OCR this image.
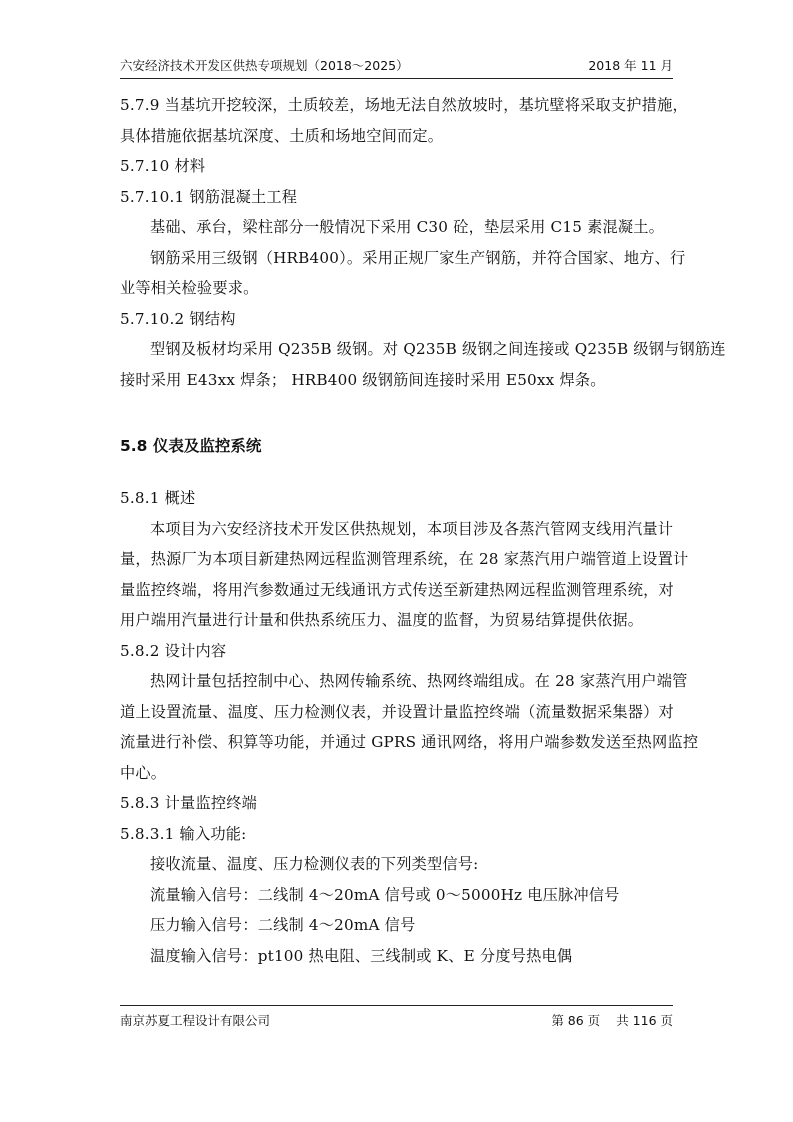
六安经济技术开发区供热专项规划（2018～2025）	2018 年 11 月
5.7.9 当基坑开挖较深，土质较差，场地无法自然放坡时，基坑壁将采取支护措施，
具体措施依据基坑深度、土质和场地空间而定。
5.7.10 材料
5.7.10.1 钢筋混凝土工程
基础、承台，梁柱部分一般情况下采用 C30 砼，垫层采用 C15 素混凝土。
钢筋采用三级钢（HRB400）。采用正规厂家生产钢筋，并符合国家、地方、行
业等相关检验要求。
5.7.10.2 钢结构
型钢及板材均采用 Q235B 级钢。对 Q235B 级钢之间连接或 Q235B 级钢与钢筋连
接时采用 E43xx 焊条； HRB400 级钢筋间连接时采用 E50xx 焊条。
5.8 仪表及监控系统
5.8.1 概述
本项目为六安经济技术开发区供热规划，本项目涉及各蒸汽管网支线用汽量计
量，热源厂为本项目新建热网远程监测管理系统，在 28 家蒸汽用户端管道上设置计
量监控终端，将用汽参数通过无线通讯方式传送至新建热网远程监测管理系统，对
用户端用汽量进行计量和供热系统压力、温度的监督，为贸易结算提供依据。
5.8.2 设计内容
热网计量包括控制中心、热网传输系统、热网终端组成。在 28 家蒸汽用户端管
道上设置流量、温度、压力检测仪表，并设置计量监控终端（流量数据采集器）对
流量进行补偿、积算等功能，并通过 GPRS 通讯网络，将用户端参数发送至热网监控
中心。
5.8.3 计量监控终端
5.8.3.1 输入功能:
接收流量、温度、压力检测仪表的下列类型信号:
流量输入信号：二线制 4～20mA 信号或 0～5000Hz 电压脉冲信号
压力输入信号：二线制 4～20mA 信号
温度输入信号：pt100 热电阻、三线制或 K、E 分度号热电偶
南京苏夏工程设计有限公司	第 86 页 共 116 页
